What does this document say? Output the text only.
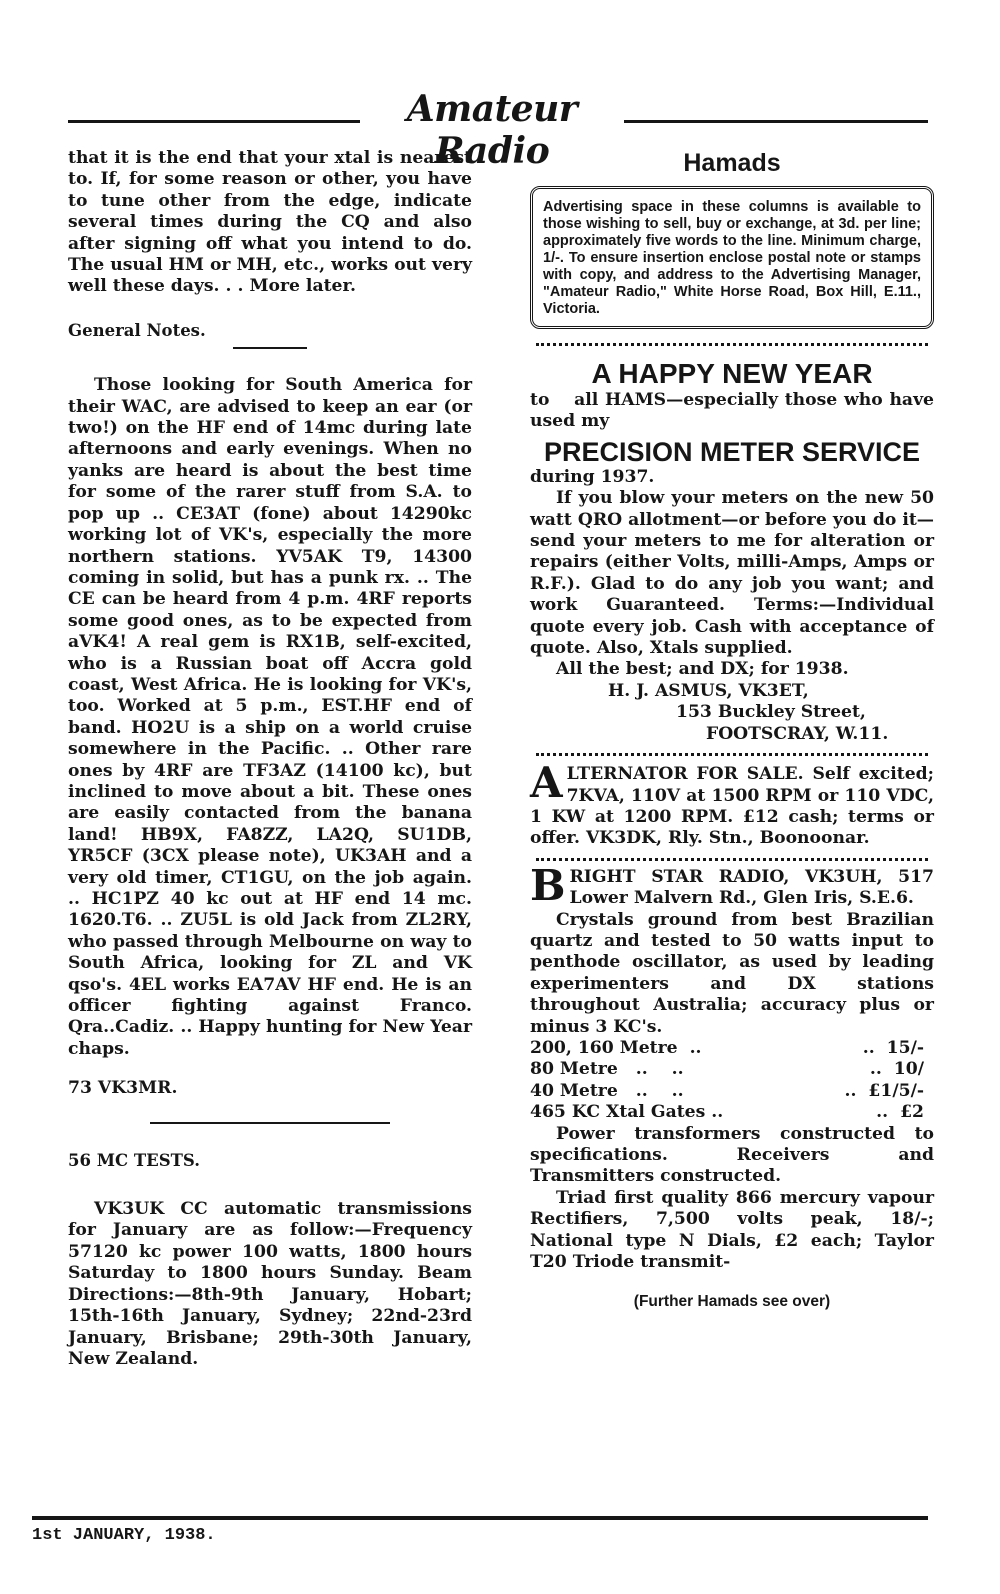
Amateur Radio

that it is the end that your xtal is nearest to. If, for some reason or other, you have to tune other from the edge, indicate several times during the CQ and also after signing off what you intend to do. The usual HM or MH, etc., works out very well these days. . . More later.

General Notes.

Those looking for South America for their WAC, are advised to keep an ear (or two!) on the HF end of 14mc during late afternoons and early evenings. When no yanks are heard is about the best time for some of the rarer stuff from S.A. to pop up .. CE3AT (fone) about 14290kc working lot of VK's, especially the more northern stations. YV5AK T9, 14300 coming in solid, but has a punk rx. .. The CE can be heard from 4 p.m. 4RF reports some good ones, as to be expected from aVK4! A real gem is RX1B, self-excited, who is a Russian boat off Accra gold coast, West Africa. He is looking for VK's, too. Worked at 5 p.m., EST.HF end of band. HO2U is a ship on a world cruise somewhere in the Pacific. .. Other rare ones by 4RF are TF3AZ (14100 kc), but inclined to move about a bit. These ones are easily contacted from the banana land! HB9X, FA8ZZ, LA2Q, SU1DB, YR5CF (3CX please note), UK3AH and a very old timer, CT1GU, on the job again. .. HC1PZ 40 kc out at HF end 14 mc. 1620.T6. .. ZU5L is old Jack from ZL2RY, who passed through Melbourne on way to South Africa, looking for ZL and VK qso's. 4EL works EA7AV HF end. He is an officer fighting against Franco. Qra..Cadiz. .. Happy hunting for New Year chaps.

73 VK3MR.

56 MC TESTS.

VK3UK CC automatic transmissions for January are as follow:—Frequency 57120 kc power 100 watts, 1800 hours Saturday to 1800 hours Sunday. Beam Directions:—8th-9th January, Hobart; 15th-16th January, Sydney; 22nd-23rd January, Brisbane; 29th-30th January, New Zealand.

Hamads

Advertising space in these columns is available to those wishing to sell, buy or exchange, at 3d. per line; approximately five words to the line. Minimum charge, 1/-. To ensure insertion enclose postal note or stamps with copy, and address to the Advertising Manager, "Amateur Radio," White Horse Road, Box Hill, E.11., Victoria.

A HAPPY NEW YEAR

to all HAMS—especially those who have used my

PRECISION METER SERVICE

during 1937.

If you blow your meters on the new 50 watt QRO allotment—or before you do it—send your meters to me for alteration or repairs (either Volts, milli-Amps, Amps or R.F.). Glad to do any job you want; and work Guaranteed. Terms:—Individual quote every job. Cash with acceptance of quote. Also, Xtals supplied.

All the best; and DX; for 1938.

H. J. ASMUS, VK3ET,

153 Buckley Street,

FOOTSCRAY, W.11.

ALTERNATOR FOR SALE. Self excited; 7KVA, 110V at 1500 RPM or 110 VDC, 1 KW at 1200 RPM. £12 cash; terms or offer. VK3DK, Rly. Stn., Boonoonar.

BRIGHT STAR RADIO, VK3UH, 517 Lower Malvern Rd., Glen Iris, S.E.6.

Crystals ground from best Brazilian quartz and tested to 50 watts input to penthode oscillator, as used by leading experimenters and DX stations throughout Australia; accuracy plus or minus 3 KC's.

200, 160 Metre  ..	..  15/-
80 Metre   ..    ..	..  10/
40 Metre   ..    ..	..  £1/5/-
465 KC Xtal Gates ..	..  £2

Power transformers constructed to specifications. Receivers and Transmitters constructed.

Triad first quality 866 mercury vapour Rectifiers, 7,500 volts peak, 18/-; National type N Dials, £2 each; Taylor T20 Triode transmit-

(Further Hamads see over)
1st JANUARY, 1938.
